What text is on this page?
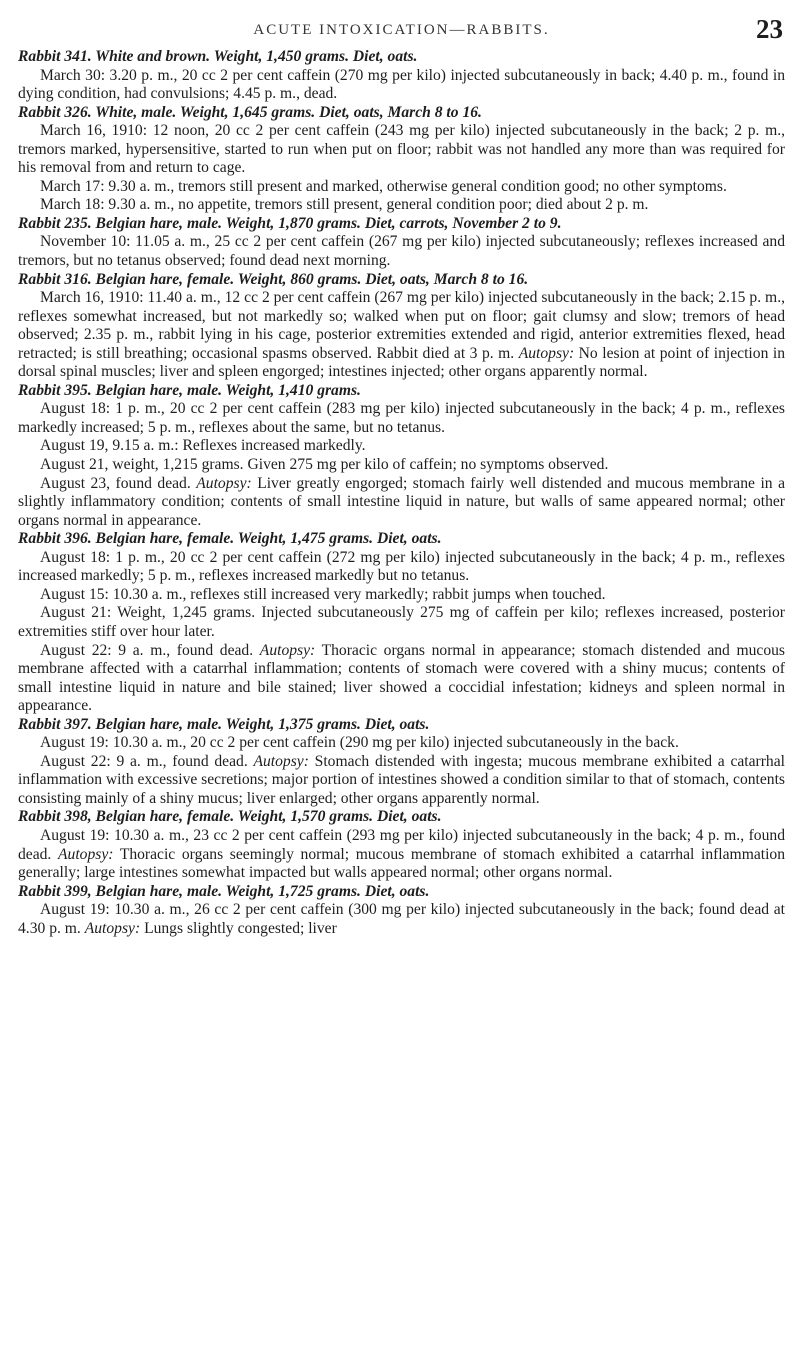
ACUTE INTOXICATION—RABBITS.	23

Rabbit 341. White and brown. Weight, 1,450 grams. Diet, oats.

March 30: 3.20 p. m., 20 cc 2 per cent caffein (270 mg per kilo) injected subcutaneously in back; 4.40 p. m., found in dying condition, had convulsions; 4.45 p. m., dead.

Rabbit 326. White, male. Weight, 1,645 grams. Diet, oats, March 8 to 16.

March 16, 1910: 12 noon, 20 cc 2 per cent caffein (243 mg per kilo) injected subcutaneously in the back; 2 p. m., tremors marked, hypersensitive, started to run when put on floor; rabbit was not handled any more than was required for his removal from and return to cage.

March 17: 9.30 a. m., tremors still present and marked, otherwise general condition good; no other symptoms.

March 18: 9.30 a. m., no appetite, tremors still present, general condition poor; died about 2 p. m.

Rabbit 235. Belgian hare, male. Weight, 1,870 grams. Diet, carrots, November 2 to 9.

November 10: 11.05 a. m., 25 cc 2 per cent caffein (267 mg per kilo) injected subcutaneously; reflexes increased and tremors, but no tetanus observed; found dead next morning.

Rabbit 316. Belgian hare, female. Weight, 860 grams. Diet, oats, March 8 to 16.

March 16, 1910: 11.40 a. m., 12 cc 2 per cent caffein (267 mg per kilo) injected subcutaneously in the back; 2.15 p. m., reflexes somewhat increased, but not markedly so; walked when put on floor; gait clumsy and slow; tremors of head observed; 2.35 p. m., rabbit lying in his cage, posterior extremities extended and rigid, anterior extremities flexed, head retracted; is still breathing; occasional spasms observed. Rabbit died at 3 p. m. Autopsy: No lesion at point of injection in dorsal spinal muscles; liver and spleen engorged; intestines injected; other organs apparently normal.

Rabbit 395. Belgian hare, male. Weight, 1,410 grams.

August 18: 1 p. m., 20 cc 2 per cent caffein (283 mg per kilo) injected subcutaneously in the back; 4 p. m., reflexes markedly increased; 5 p. m., reflexes about the same, but no tetanus.

August 19, 9.15 a. m.: Reflexes increased markedly.

August 21, weight, 1,215 grams. Given 275 mg per kilo of caffein; no symptoms observed.

August 23, found dead. Autopsy: Liver greatly engorged; stomach fairly well distended and mucous membrane in a slightly inflammatory condition; contents of small intestine liquid in nature, but walls of same appeared normal; other organs normal in appearance.

Rabbit 396. Belgian hare, female. Weight, 1,475 grams. Diet, oats.

August 18: 1 p. m., 20 cc 2 per cent caffein (272 mg per kilo) injected subcutaneously in the back; 4 p. m., reflexes increased markedly; 5 p. m., reflexes increased markedly but no tetanus.

August 15: 10.30 a. m., reflexes still increased very markedly; rabbit jumps when touched.

August 21: Weight, 1,245 grams. Injected subcutaneously 275 mg of caffein per kilo; reflexes increased, posterior extremities stiff over hour later.

August 22: 9 a. m., found dead. Autopsy: Thoracic organs normal in appearance; stomach distended and mucous membrane affected with a catarrhal inflammation; contents of stomach were covered with a shiny mucus; contents of small intestine liquid in nature and bile stained; liver showed a coccidial infestation; kidneys and spleen normal in appearance.

Rabbit 397. Belgian hare, male. Weight, 1,375 grams. Diet, oats.

August 19: 10.30 a. m., 20 cc 2 per cent caffein (290 mg per kilo) injected subcutaneously in the back.

August 22: 9 a. m., found dead. Autopsy: Stomach distended with ingesta; mucous membrane exhibited a catarrhal inflammation with excessive secretions; major portion of intestines showed a condition similar to that of stomach, contents consisting mainly of a shiny mucus; liver enlarged; other organs apparently normal.

Rabbit 398, Belgian hare, female. Weight, 1,570 grams. Diet, oats.

August 19: 10.30 a. m., 23 cc 2 per cent caffein (293 mg per kilo) injected subcutaneously in the back; 4 p. m., found dead. Autopsy: Thoracic organs seemingly normal; mucous membrane of stomach exhibited a catarrhal inflammation generally; large intestines somewhat impacted but walls appeared normal; other organs normal.

Rabbit 399, Belgian hare, male. Weight, 1,725 grams. Diet, oats.

August 19: 10.30 a. m., 26 cc 2 per cent caffein (300 mg per kilo) injected subcutaneously in the back; found dead at 4.30 p. m. Autopsy: Lungs slightly congested; liver
